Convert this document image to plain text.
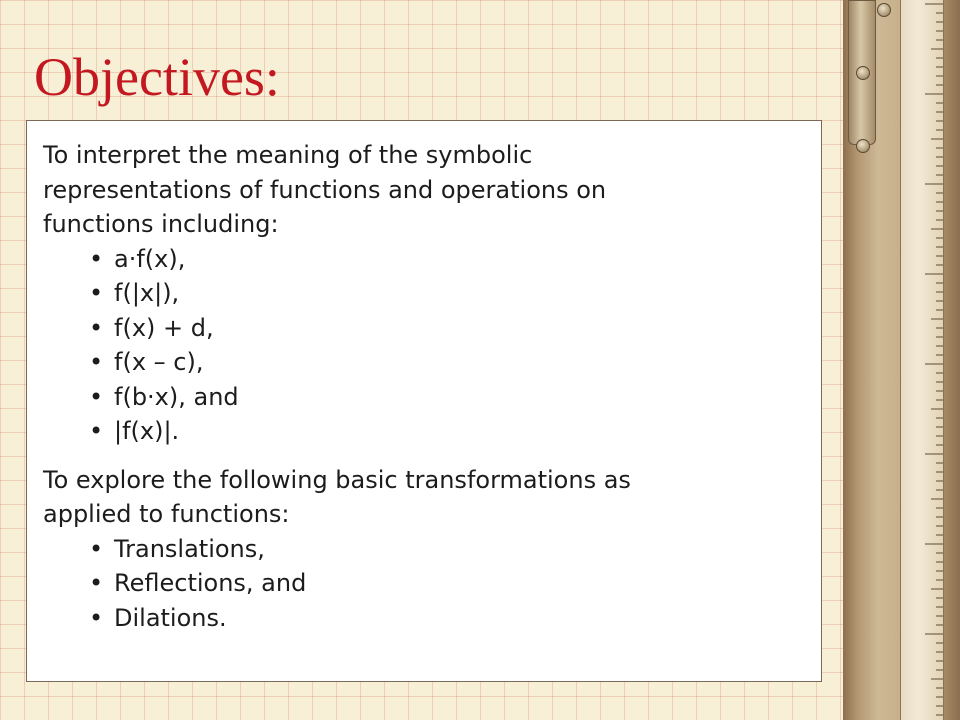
Objectives:

To interpret the meaning of the symbolic
representations of functions and operations on
functions including:

• a·f(x),
• f(|x|),
• f(x) + d,
• f(x – c),
• f(b·x), and
• |f(x)|.

To explore the following basic transformations as
applied to functions:

• Translations,
• Reflections, and
• Dilations.
